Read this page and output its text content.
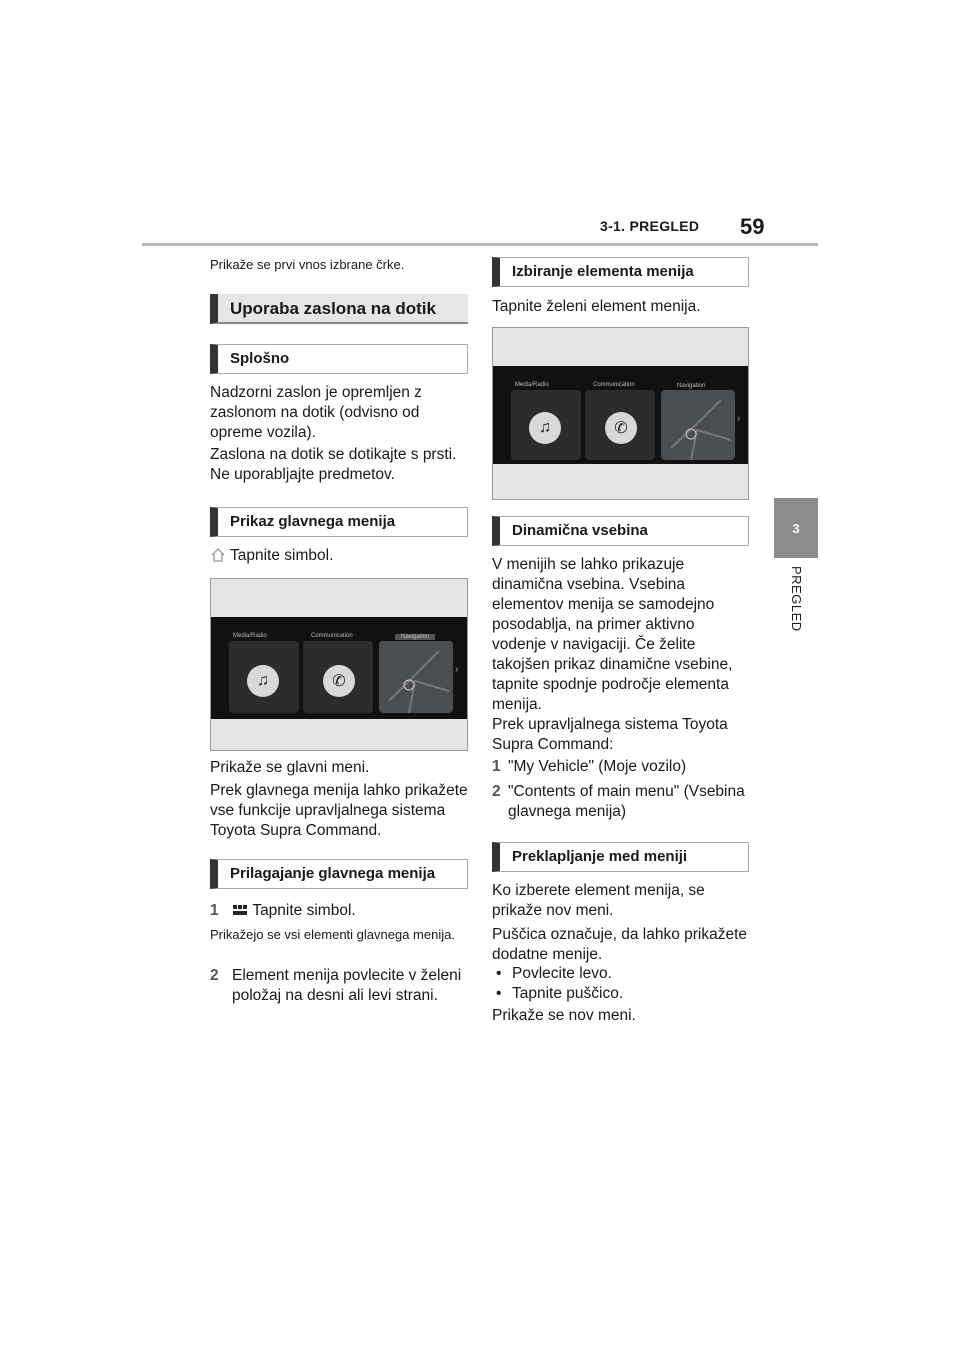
3-1. PREGLED 59
3
PREGLED
Prikaže se prvi vnos izbrane črke.
Uporaba zaslona na dotik
Splošno
Nadzorni zaslon je opremljen z zaslonom na dotik (odvisno od opreme vozila).
Zaslona na dotik se dotikajte s prsti. Ne uporabljajte predmetov.
Prikaz glavnega menija
Tapnite simbol.
♫
Media/Radio
✆
Communication	Navigation
›
Prikaže se glavni meni.
Prek glavnega menija lahko prikažete vse funkcije upravljalnega sistema Toyota Supra Command.
Prilagajanje glavnega menija
1 Tapnite simbol.
Prikažejo se vsi elementi glavnega menija.
2 Element menija povlecite v želeni položaj na desni ali levi strani.
Izbiranje elementa menija
Tapnite želeni element menija.
♫
Media/Radio
✆
Communication	Navigation
›
Dinamična vsebina
V menijih se lahko prikazuje dinamična vsebina. Vsebina elementov menija se samodejno posodablja, na primer aktivno vodenje v navigaciji. Če želite takojšen prikaz dinamične vsebine, tapnite spodnje področje elementa menija.
Prek upravljalnega sistema Toyota Supra Command:
1 "My Vehicle" (Moje vozilo)
2 "Contents of main menu" (Vsebina glavnega menija)
Preklapljanje med meniji
Ko izberete element menija, se prikaže nov meni.
Puščica označuje, da lahko prikažete dodatne menije.
• Povlecite levo.
• Tapnite puščico.
Prikaže se nov meni.
